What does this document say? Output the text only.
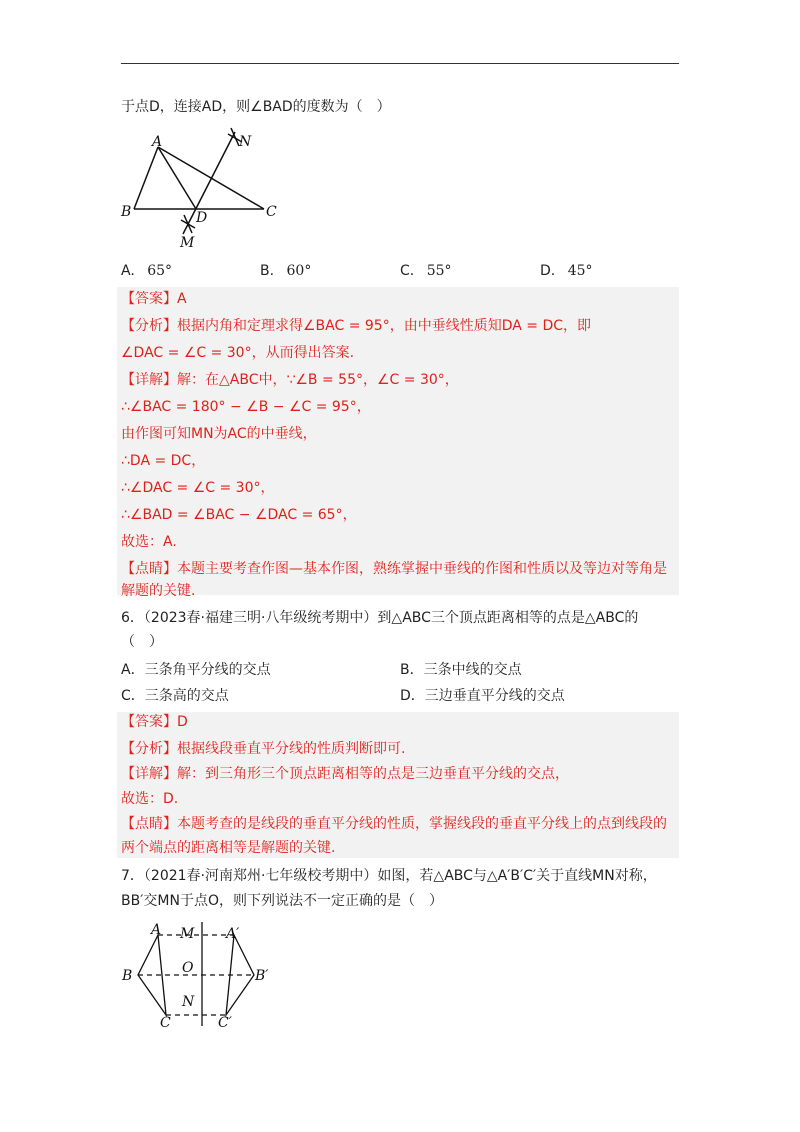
于点D，连接AD，则∠BAD的度数为（　）
A
B	C
D
M
N
A. 65°	B. 60°	C. 55°	D. 45°
【答案】A
【分析】根据内角和定理求得∠BAC = 95°，由中垂线性质知DA = DC，即
∠DAC = ∠C = 30°，从而得出答案.
【详解】解：在△ABC中，∵∠B = 55°，∠C = 30°，
∴∠BAC = 180° − ∠B − ∠C = 95°，
由作图可知MN为AC的中垂线，
∴DA = DC，
∴∠DAC = ∠C = 30°，
∴∠BAD = ∠BAC − ∠DAC = 65°，
故选：A.
【点睛】本题主要考查作图—基本作图，熟练掌握中垂线的作图和性质以及等边对等角是
解题的关键.
6．（2023春·福建三明·八年级统考期中）到△ABC三个顶点距离相等的点是△ABC的
（　）
A．三条角平分线的交点	B．三条中线的交点
C．三条高的交点	D．三边垂直平分线的交点
【答案】D
【分析】根据线段垂直平分线的性质判断即可.
【详解】解：到三角形三个顶点距离相等的点是三边垂直平分线的交点，
故选：D.
【点睛】本题考查的是线段的垂直平分线的性质，掌握线段的垂直平分线上的点到线段的
两个端点的距离相等是解题的关键.
7．（2021春·河南郑州·七年级校考期中）如图，若△ABC与△A′B′C′关于直线MN对称，
BB′交MN于点O，则下列说法不一定正确的是（　）
A M A′
B	O	B′
N
C	C′
